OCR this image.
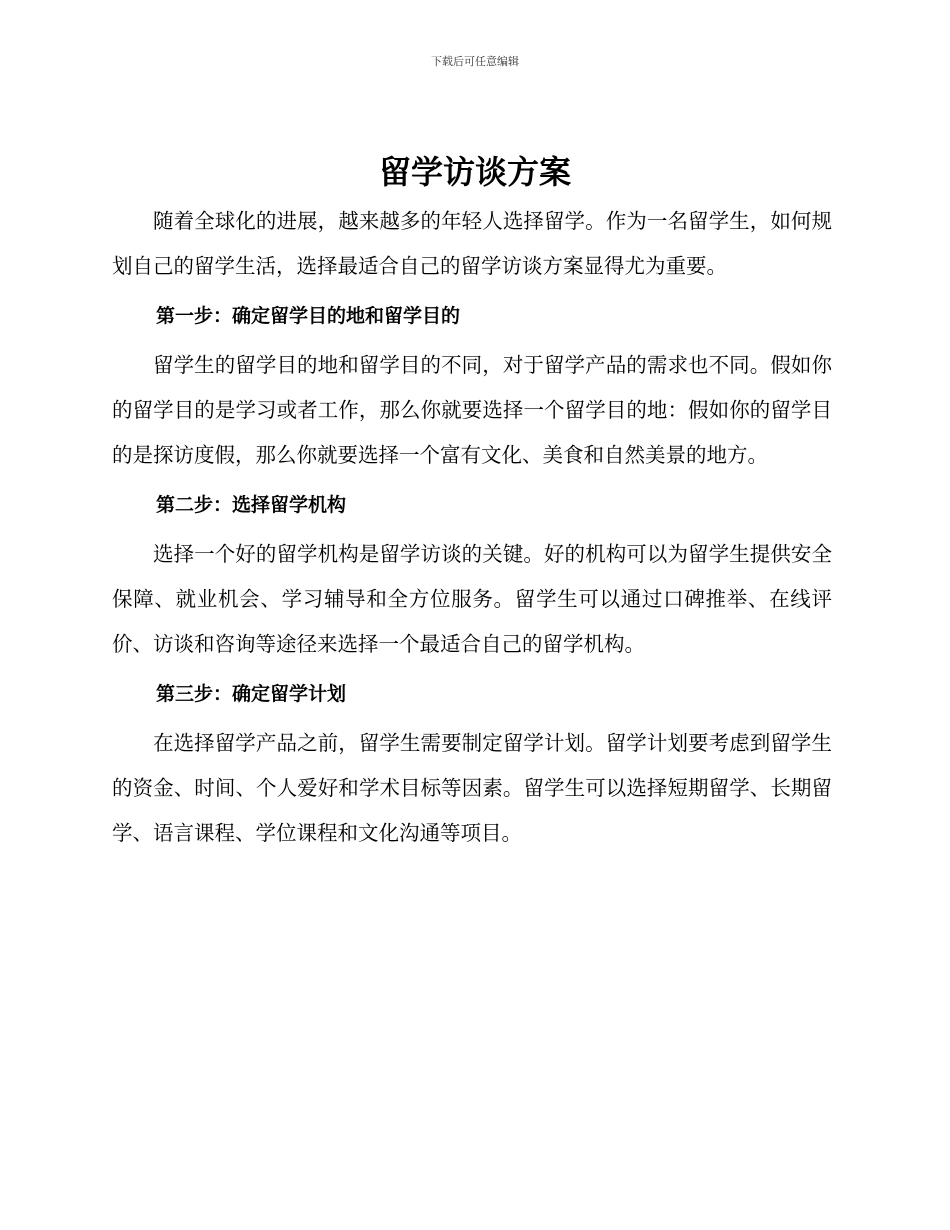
下载后可任意编辑
留学访谈方案

随着全球化的进展，越来越多的年轻人选择留学。作为一名留学生，如何规划自己的留学生活，选择最适合自己的留学访谈方案显得尤为重要。

第一步：确定留学目的地和留学目的

留学生的留学目的地和留学目的不同，对于留学产品的需求也不同。假如你的留学目的是学习或者工作，那么你就要选择一个留学目的地：假如你的留学目的是探访度假，那么你就要选择一个富有文化、美食和自然美景的地方。

第二步：选择留学机构

选择一个好的留学机构是留学访谈的关键。好的机构可以为留学生提供安全保障、就业机会、学习辅导和全方位服务。留学生可以通过口碑推举、在线评价、访谈和咨询等途径来选择一个最适合自己的留学机构。

第三步：确定留学计划

在选择留学产品之前，留学生需要制定留学计划。留学计划要考虑到留学生的资金、时间、个人爱好和学术目标等因素。留学生可以选择短期留学、长期留学、语言课程、学位课程和文化沟通等项目。
